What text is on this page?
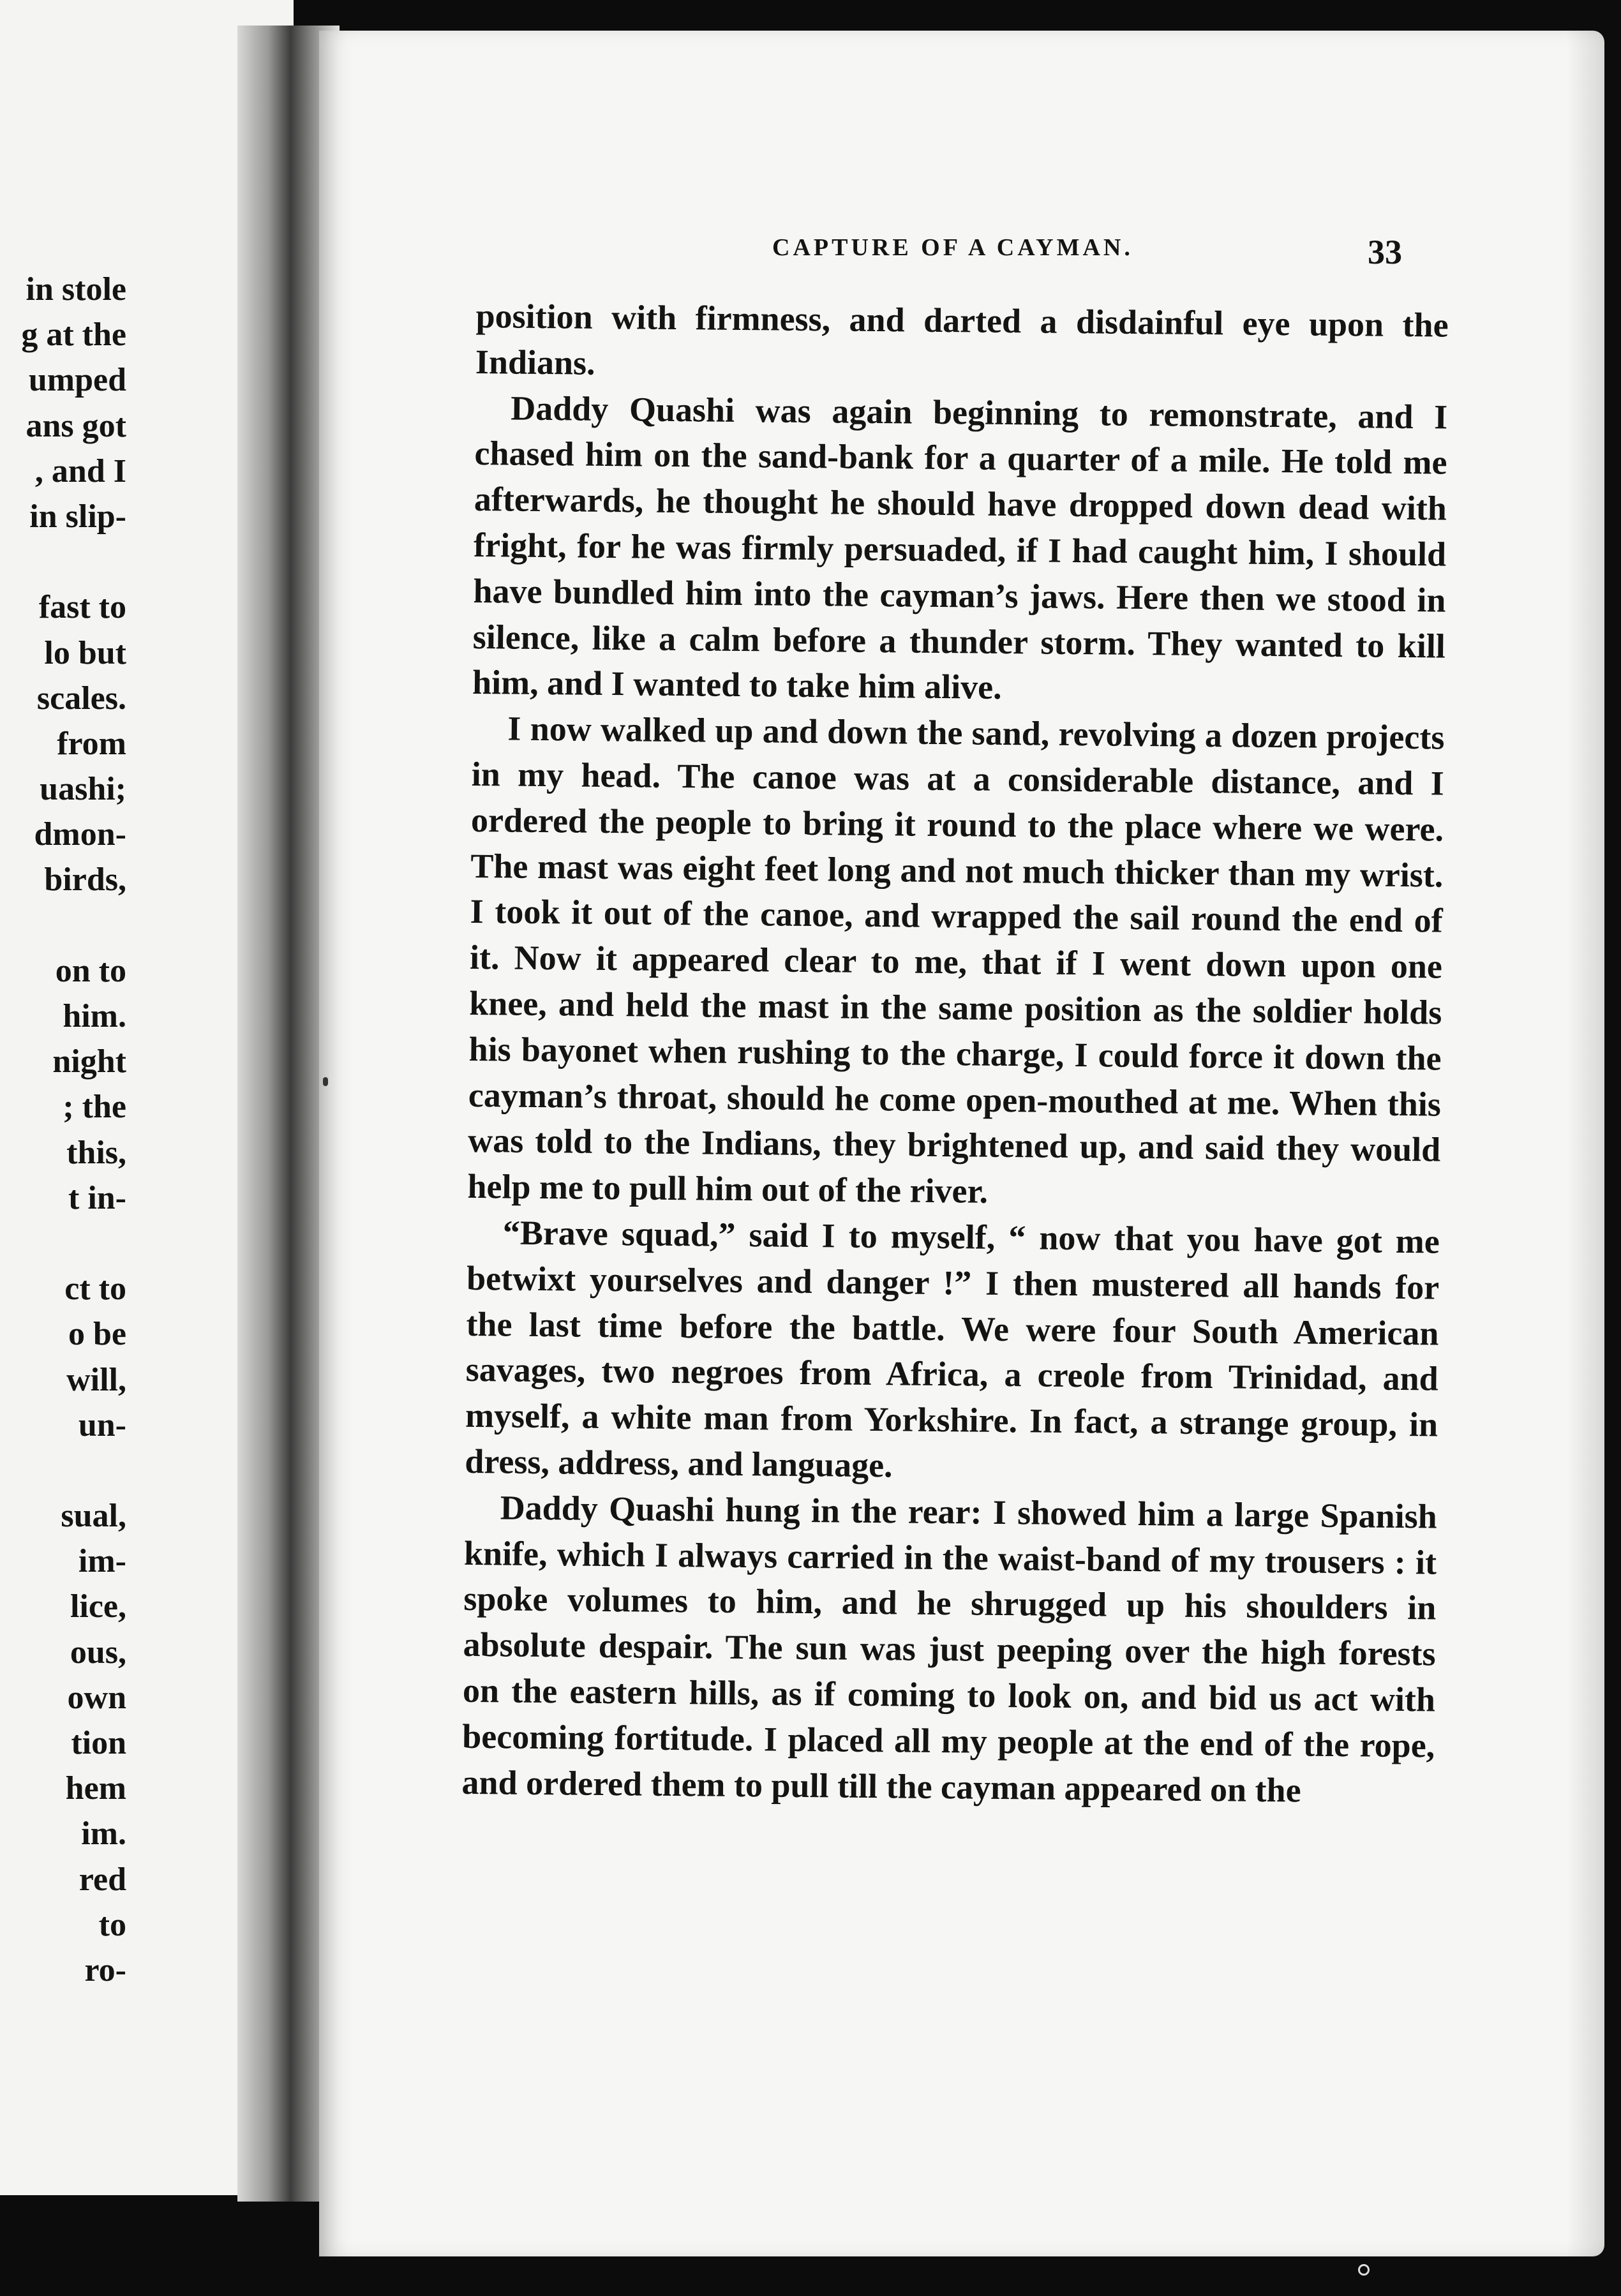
in stole
g at the
umped
ans got
, and I
in slip-
fast to
lo but
scales.
from
uashi;
dmon-
birds,
on to
him.
night
; the
this,
t in-
ct to
o be
will,
un-
sual,
im-
lice,
ous,
own
tion
hem
im.
red
to
ro-
CAPTURE OF A CAYMAN.	33

position with firmness, and darted a disdainful eye upon the Indians.

Daddy Quashi was again beginning to remonstrate, and I chased him on the sand-bank for a quarter of a mile. He told me afterwards, he thought he should have dropped down dead with fright, for he was firmly persuaded, if I had caught him, I should have bundled him into the cayman’s jaws. Here then we stood in silence, like a calm before a thunder storm. They wanted to kill him, and I wanted to take him alive.

I now walked up and down the sand, revolving a dozen projects in my head. The canoe was at a considerable distance, and I ordered the people to bring it round to the place where we were. The mast was eight feet long and not much thicker than my wrist. I took it out of the canoe, and wrapped the sail round the end of it. Now it appeared clear to me, that if I went down upon one knee, and held the mast in the same position as the soldier holds his bayonet when rushing to the charge, I could force it down the cayman’s throat, should he come open-mouthed at me. When this was told to the Indians, they brightened up, and said they would help me to pull him out of the river.

“Brave squad,” said I to myself, “ now that you have got me betwixt yourselves and danger !” I then mustered all hands for the last time before the battle. We were four South American savages, two negroes from Africa, a creole from Trinidad, and myself, a white man from Yorkshire. In fact, a strange group, in dress, address, and language.

Daddy Quashi hung in the rear: I showed him a large Spanish knife, which I always carried in the waist-band of my trousers : it spoke volumes to him, and he shrugged up his shoulders in absolute despair. The sun was just peeping over the high forests on the eastern hills, as if coming to look on, and bid us act with becoming fortitude. I placed all my people at the end of the rope, and ordered them to pull till the cayman appeared on the
